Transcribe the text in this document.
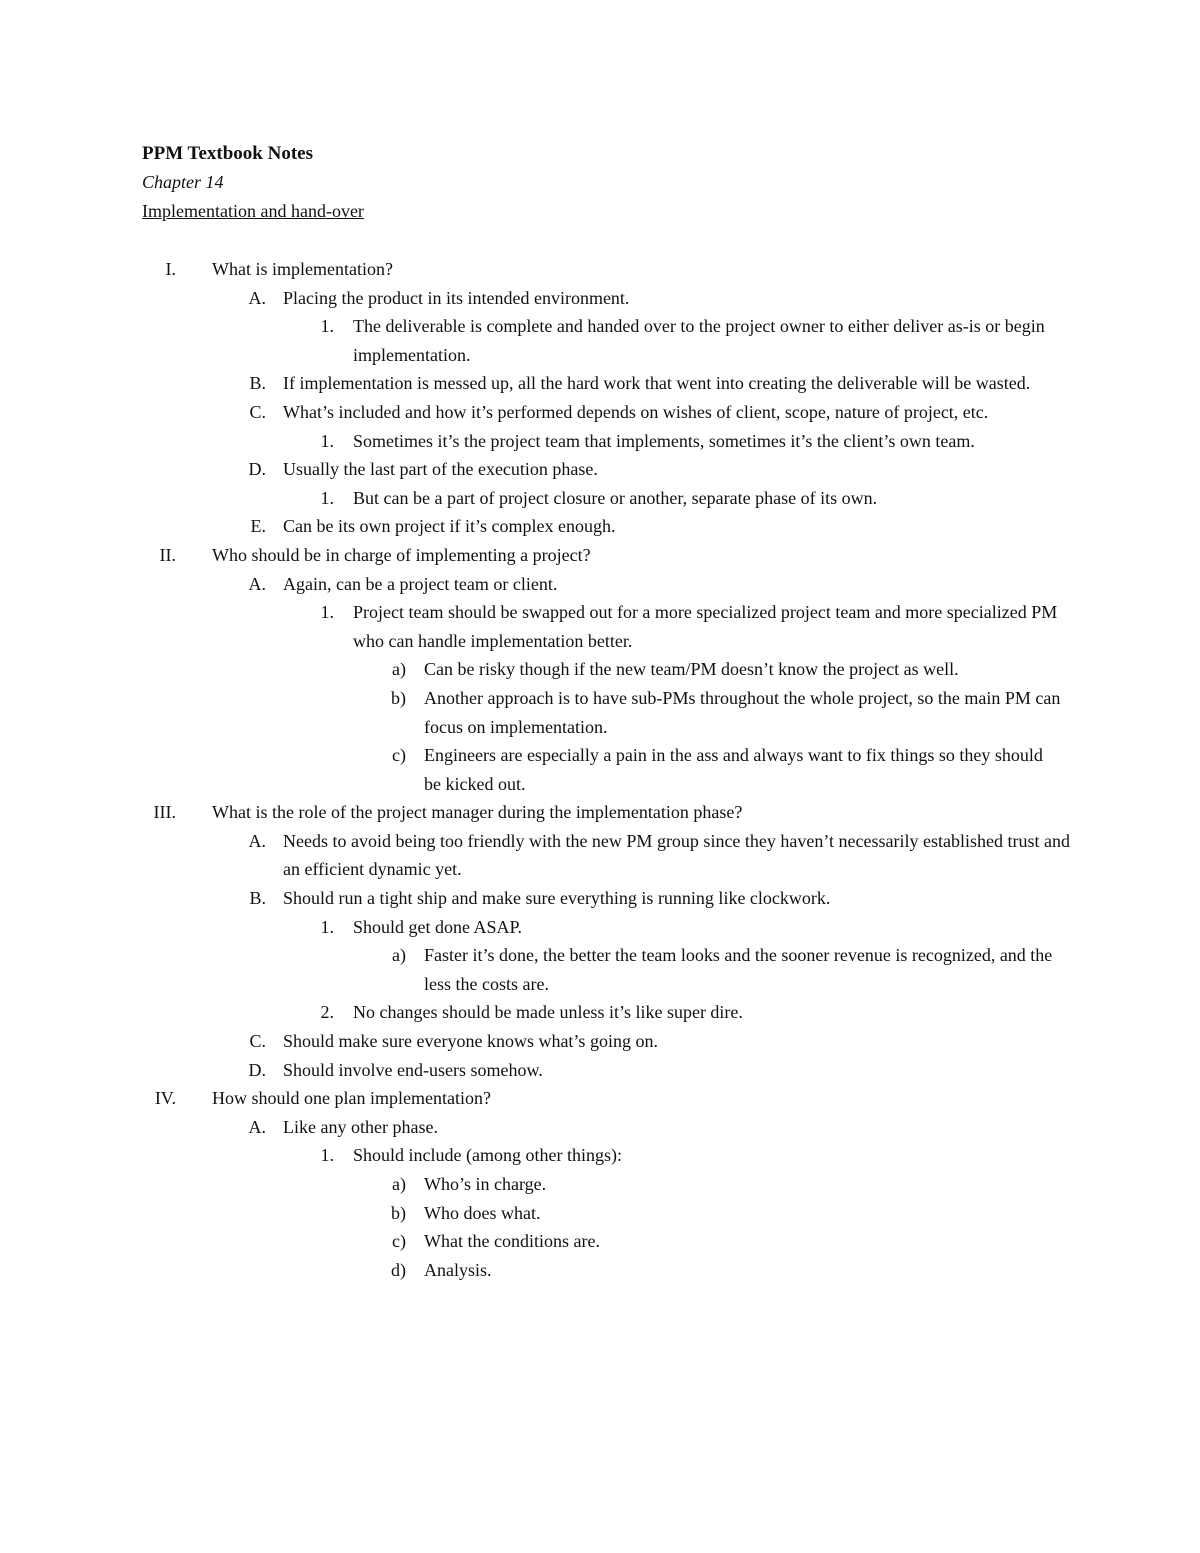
PPM Textbook Notes
Chapter 14
Implementation and hand-over
I. What is implementation?
A. Placing the product in its intended environment.
1. The deliverable is complete and handed over to the project owner to either deliver as-is or begin implementation.
B. If implementation is messed up, all the hard work that went into creating the deliverable will be wasted.
C. What’s included and how it’s performed depends on wishes of client, scope, nature of project, etc.
1. Sometimes it’s the project team that implements, sometimes it’s the client’s own team.
D. Usually the last part of the execution phase.
1. But can be a part of project closure or another, separate phase of its own.
E. Can be its own project if it’s complex enough.
II. Who should be in charge of implementing a project?
A. Again, can be a project team or client.
1. Project team should be swapped out for a more specialized project team and more specialized PM who can handle implementation better.
a) Can be risky though if the new team/PM doesn’t know the project as well.
b) Another approach is to have sub-PMs throughout the whole project, so the main PM can focus on implementation.
c) Engineers are especially a pain in the ass and always want to fix things so they should be kicked out.
III. What is the role of the project manager during the implementation phase?
A. Needs to avoid being too friendly with the new PM group since they haven’t necessarily established trust and an efficient dynamic yet.
B. Should run a tight ship and make sure everything is running like clockwork.
1. Should get done ASAP.
a) Faster it’s done, the better the team looks and the sooner revenue is recognized, and the less the costs are.
2. No changes should be made unless it’s like super dire.
C. Should make sure everyone knows what’s going on.
D. Should involve end-users somehow.
IV. How should one plan implementation?
A. Like any other phase.
1. Should include (among other things):
a) Who’s in charge.
b) Who does what.
c) What the conditions are.
d) Analysis.
